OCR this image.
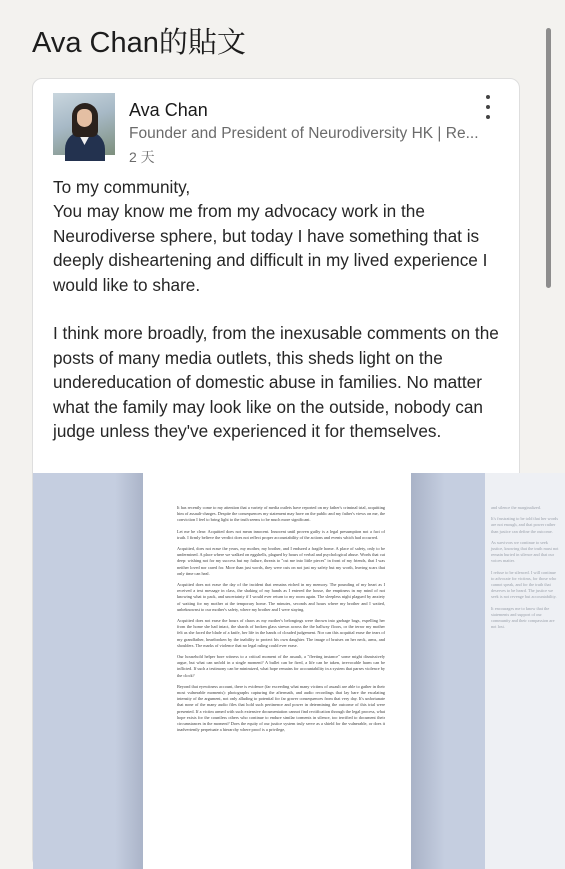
Ava Chan的貼文
Ava Chan
Founder and President of Neurodiversity HK | Re...
2 天

To my community,

You may know me from my advocacy work in the Neurodiverse sphere, but today I have something that is deeply disheartening and difficult in my lived experience I would like to share.

I think more broadly, from the inexusable comments on the posts of many media outlets, this sheds light on the undereducation of domestic abuse in families. No matter what the family may look like on the outside, nobody can judge unless they've experienced it for themselves.

It has recently come to my attention that a variety of media outlets have reported on my father's criminal trial, acquitting him of assault-charges. Despite the consequences my statement may have on the public and my father's views on me, the conviction I feel to bring light to the truth seems to be much more significant.

Let me be clear: Acquitted does not mean innocent. Innocent until proven guilty is a legal presumption not a fact of truth. I firmly believe the verdict does not reflect proper accountability of the actions and events which had occurred.

Acquitted, does not erase the years, my mother, my brother, and I endured a fragile home. A place of safety, only to be undermined. A place where we walked on eggshells, plagued by hours of verbal and psychological abuse. Words that cut deep: wishing not for my success but my failure, threats to "cut me into little pieces" in front of my friends, that I was neither loved nor cared for. More than just words, they were cuts on not just my safety but my worth, leaving scars that only time can heal.

Acquitted does not erase the day of the incident that remains etched in my memory. The pounding of my heart as I received a text message in class, the shaking of my hands as I entered the house, the emptiness in my mind of not knowing what to pack, and uncertainty if I would ever return to my room again. The sleepless night plagued by anxiety of waiting for my mother at the temporary home. The minutes, seconds and hours where my brother and I waited, unbeknownst to our mother's safety, where my brother and I were staying.

Acquitted does not erase the hours of chaos as my mother's belongings were thrown into garbage bags, expelling her from the home she had intact, the shards of broken glass strewn across the the hallway floors, or the terror my mother felt as she faced the blade of a knife, her life in the hands of clouded judgement. Nor can this acquittal erase the tears of my grandfather, heartbroken by the inability to protect his own daughter. The image of bruises on her neck, arms, and shoulders. The marks of violence that no legal ruling could ever erase.

Our household helper bore witness to a critical moment of the assault, a "fleeting instance" some might dismissively argue, but what can unfold in a single moment? A bullet can be fired, a life can be taken, irrevocable harm can be inflicted. If such a testimony can be minimized, what hope remains for accountability in a system that parses violence by the clock?

Beyond that eyewitness account, there is evidence (far exceeding what many victims of assault are able to gather in their most vulnerable moments): photographs capturing the aftermath, and audio recordings that lay bare the escalating intensity of the argument, not only alluding to potential for far graver consequences from that very day. It's unfortunate that none of the many audio files that hold such pertinence and power in determining the outcome of this trial were presented. If a victim armed with such extensive documentation cannot find rectification through the legal process, what hope exists for the countless others who continue to endure similar torments in silence, too terrified to document their circumstances in the moment? Does the equity of our justice system truly serve as a shield for the vulnerable, or does it inadvertently perpetuate a hierarchy where proof is a privilege,

and silence the marginalized.

It's frustrating to be told that her words are not enough, and that power rather than justice can define the outcome.

As survivors we continue to seek justice, knowing that the truth must not remain buried in silence and that our voices matter.

I refuse to be silenced. I will continue to advocate for victims, for those who cannot speak, and for the truth that deserves to be heard. The justice we seek is not revenge but accountability.

It encourages me to know that the statements and support of our community and their compassion are not lost.
